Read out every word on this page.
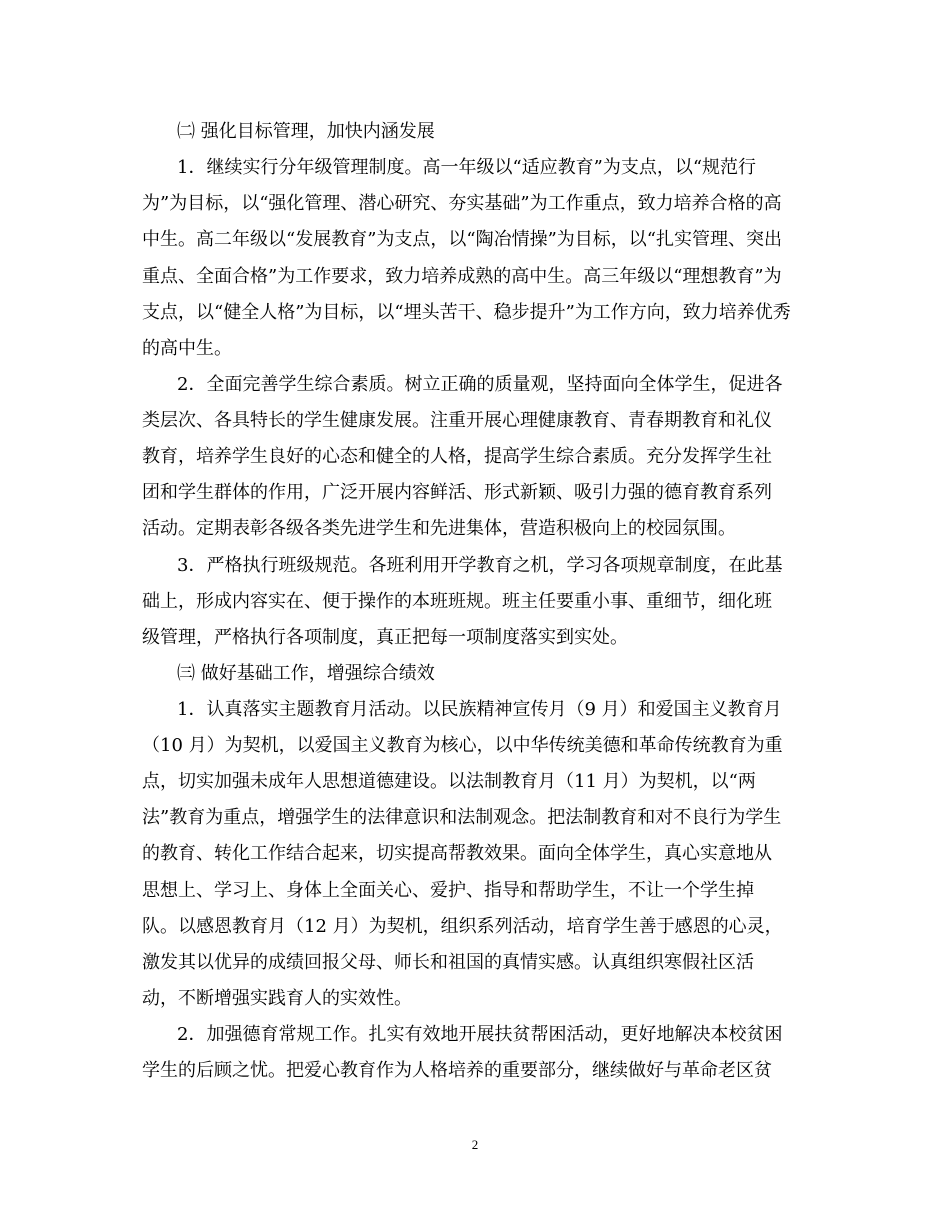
㈡ 强化目标管理，加快内涵发展
1．继续实行分年级管理制度。高一年级以“适应教育”为支点，以“规范行
为”为目标，以“强化管理、潜心研究、夯实基础”为工作重点，致力培养合格的高
中生。高二年级以“发展教育”为支点，以“陶冶情操”为目标，以“扎实管理、突出
重点、全面合格”为工作要求，致力培养成熟的高中生。高三年级以“理想教育”为
支点，以“健全人格”为目标，以“埋头苦干、稳步提升”为工作方向，致力培养优秀
的高中生。
2．全面完善学生综合素质。树立正确的质量观，坚持面向全体学生，促进各
类层次、各具特长的学生健康发展。注重开展心理健康教育、青春期教育和礼仪
教育，培养学生良好的心态和健全的人格，提高学生综合素质。充分发挥学生社
团和学生群体的作用，广泛开展内容鲜活、形式新颖、吸引力强的德育教育系列
活动。定期表彰各级各类先进学生和先进集体，营造积极向上的校园氛围。
3．严格执行班级规范。各班利用开学教育之机，学习各项规章制度，在此基
础上，形成内容实在、便于操作的本班班规。班主任要重小事、重细节，细化班
级管理，严格执行各项制度，真正把每一项制度落实到实处。
㈢ 做好基础工作，增强综合绩效
1．认真落实主题教育月活动。以民族精神宣传月（9 月）和爱国主义教育月
（10 月）为契机，以爱国主义教育为核心，以中华传统美德和革命传统教育为重
点，切实加强未成年人思想道德建设。以法制教育月（11 月）为契机，以“两
法”教育为重点，增强学生的法律意识和法制观念。把法制教育和对不良行为学生
的教育、转化工作结合起来，切实提高帮教效果。面向全体学生，真心实意地从
思想上、学习上、身体上全面关心、爱护、指导和帮助学生，不让一个学生掉
队。以感恩教育月（12 月）为契机，组织系列活动，培育学生善于感恩的心灵，
激发其以优异的成绩回报父母、师长和祖国的真情实感。认真组织寒假社区活
动，不断增强实践育人的实效性。
2．加强德育常规工作。扎实有效地开展扶贫帮困活动，更好地解决本校贫困
学生的后顾之忧。把爱心教育作为人格培养的重要部分，继续做好与革命老区贫
2
